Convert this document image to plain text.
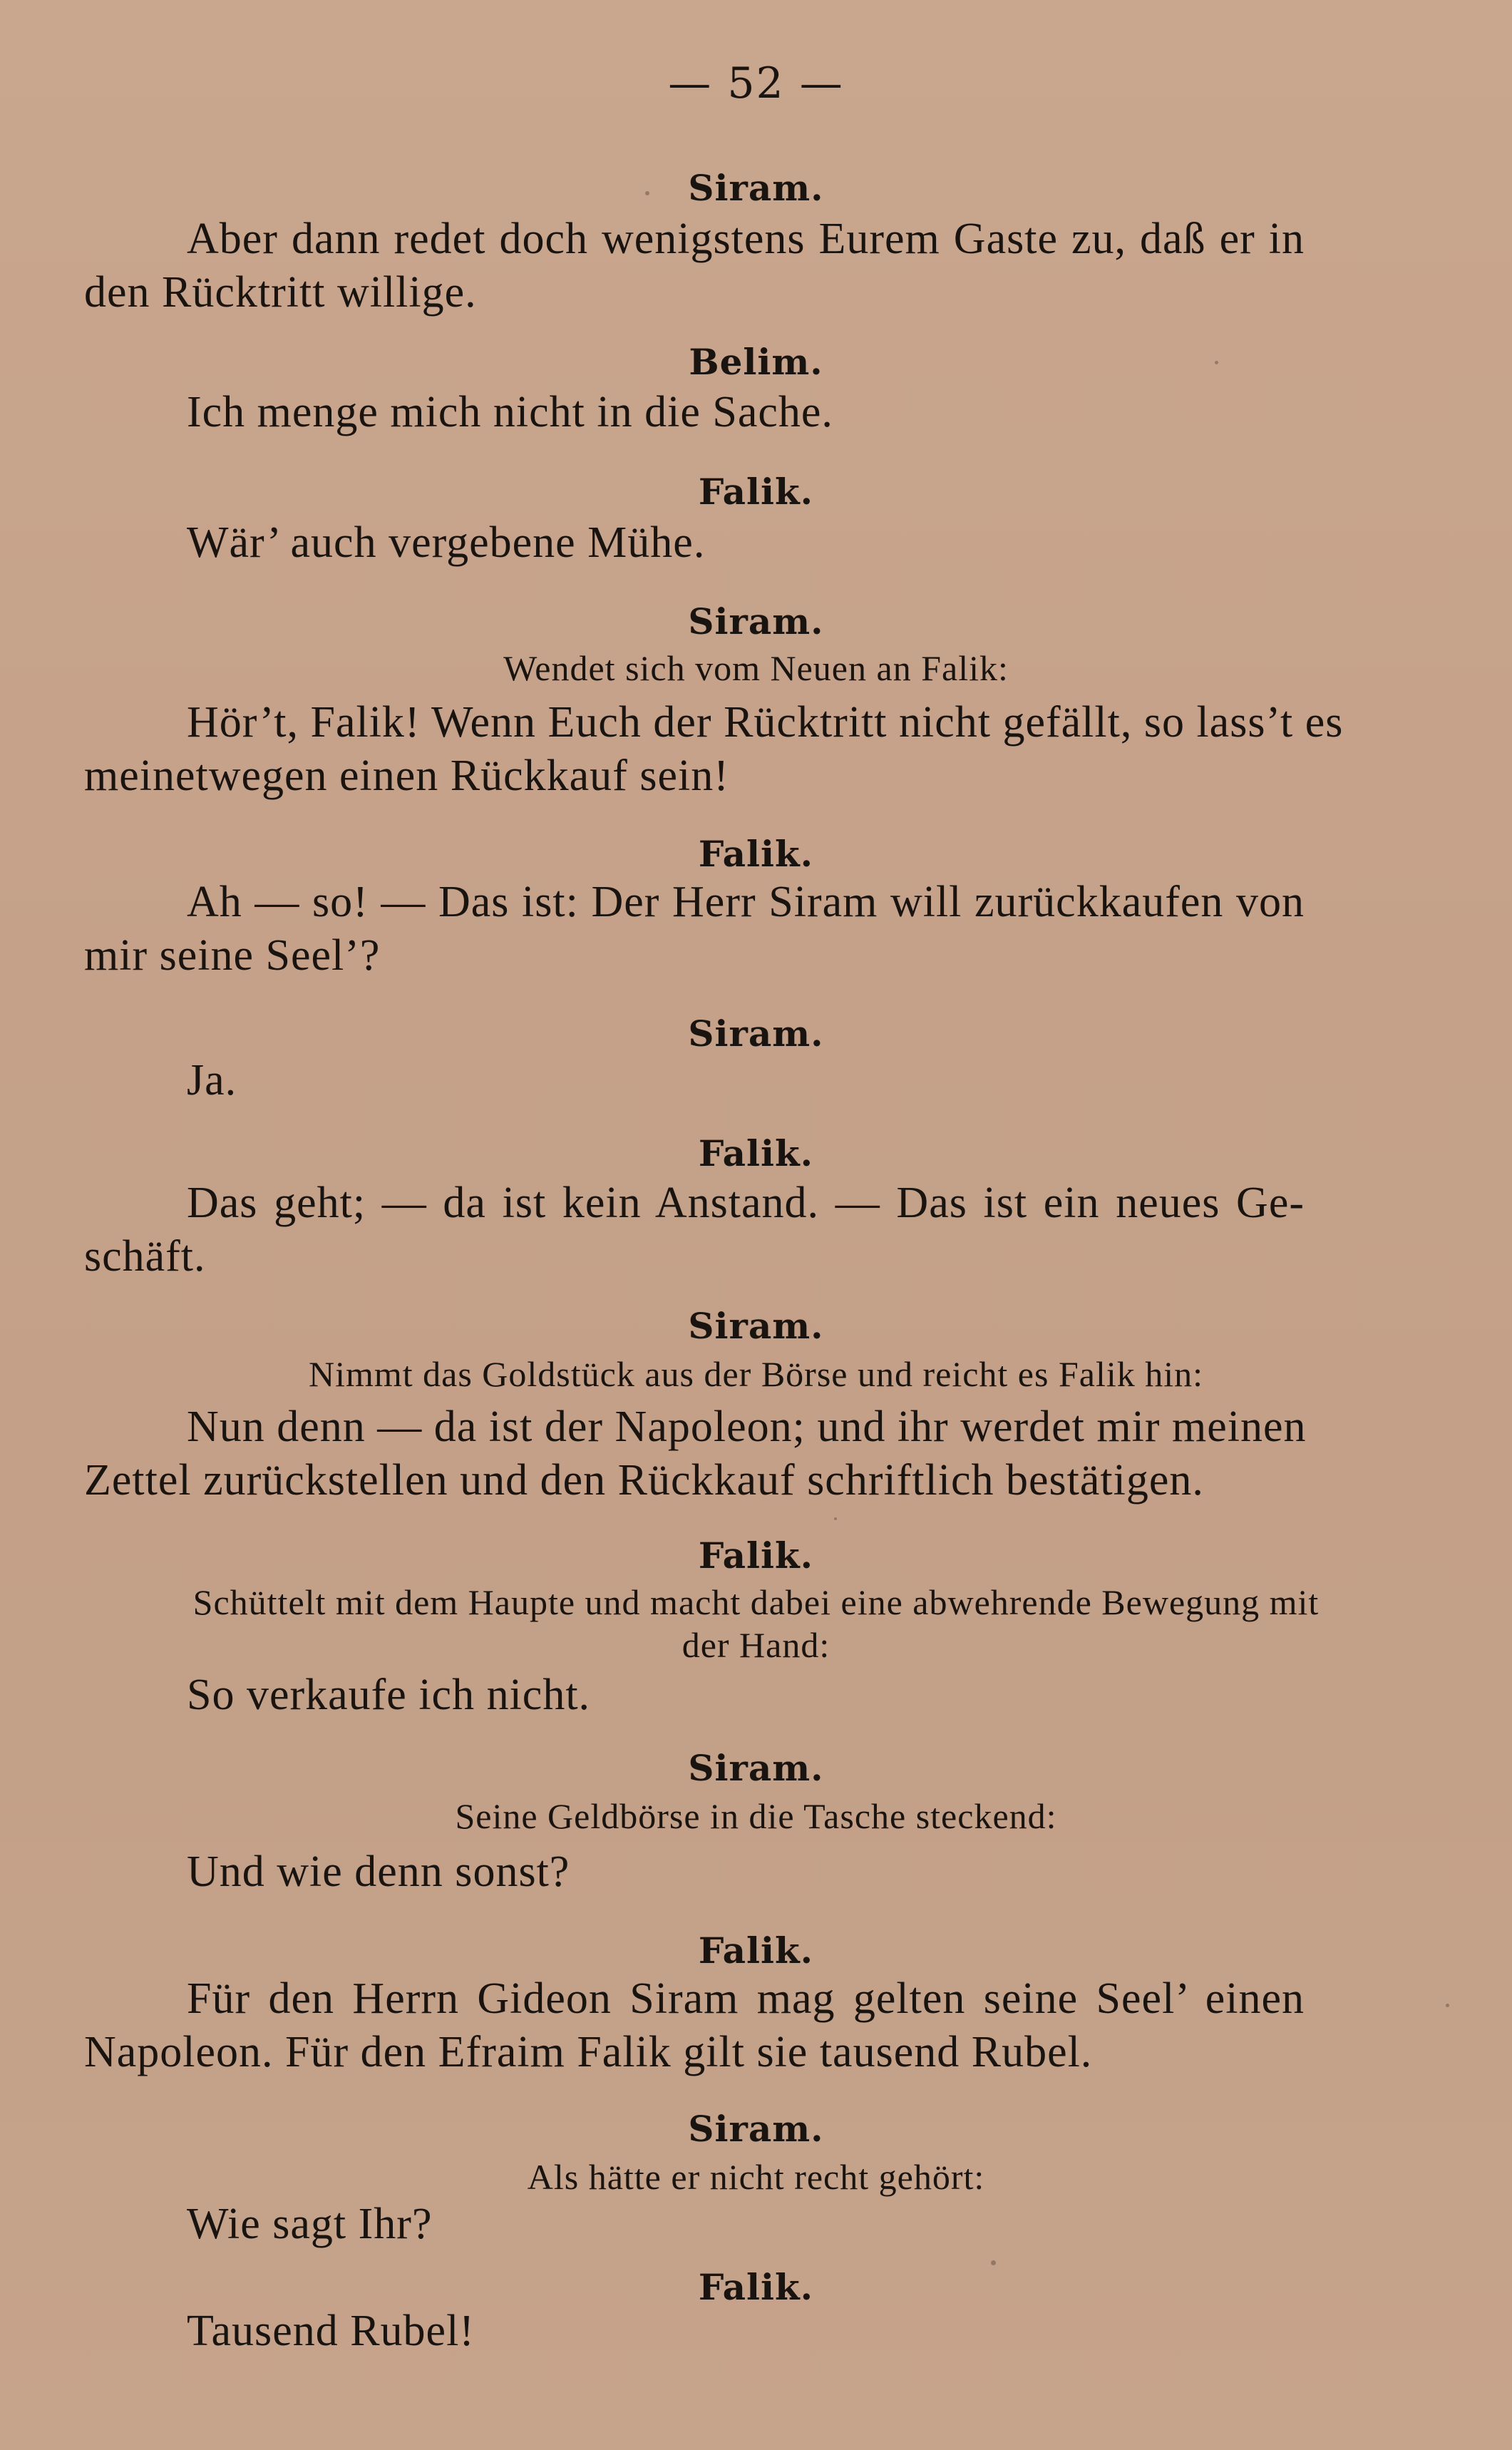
— 52 —

Siram.

Aber dann redet doch wenigstens Eurem Gaste zu, daß er in

den Rücktritt willige.

Belim.

Ich menge mich nicht in die Sache.

Falik.

Wär’ auch vergebene Mühe.

Siram.

Wendet sich vom Neuen an Falik:

Hör’t, Falik! Wenn Euch der Rücktritt nicht gefällt, so lass’t es

meinetwegen einen Rückkauf sein!

Falik.

Ah — so! — Das ist: Der Herr Siram will zurückkaufen von

mir seine Seel’?

Siram.

Ja.

Falik.

Das geht; — da ist kein Anstand. — Das ist ein neues Ge-

schäft.

Siram.

Nimmt das Goldstück aus der Börse und reicht es Falik hin:

Nun denn — da ist der Napoleon; und ihr werdet mir meinen

Zettel zurückstellen und den Rückkauf schriftlich bestätigen.

Falik.

Schüttelt mit dem Haupte und macht dabei eine abwehrende Bewegung mit

der Hand:

So verkaufe ich nicht.

Siram.

Seine Geldbörse in die Tasche steckend:

Und wie denn sonst?

Falik.

Für den Herrn Gideon Siram mag gelten seine Seel’ einen

Napoleon. Für den Efraim Falik gilt sie tausend Rubel.

Siram.

Als hätte er nicht recht gehört:

Wie sagt Ihr?

Falik.

Tausend Rubel!
